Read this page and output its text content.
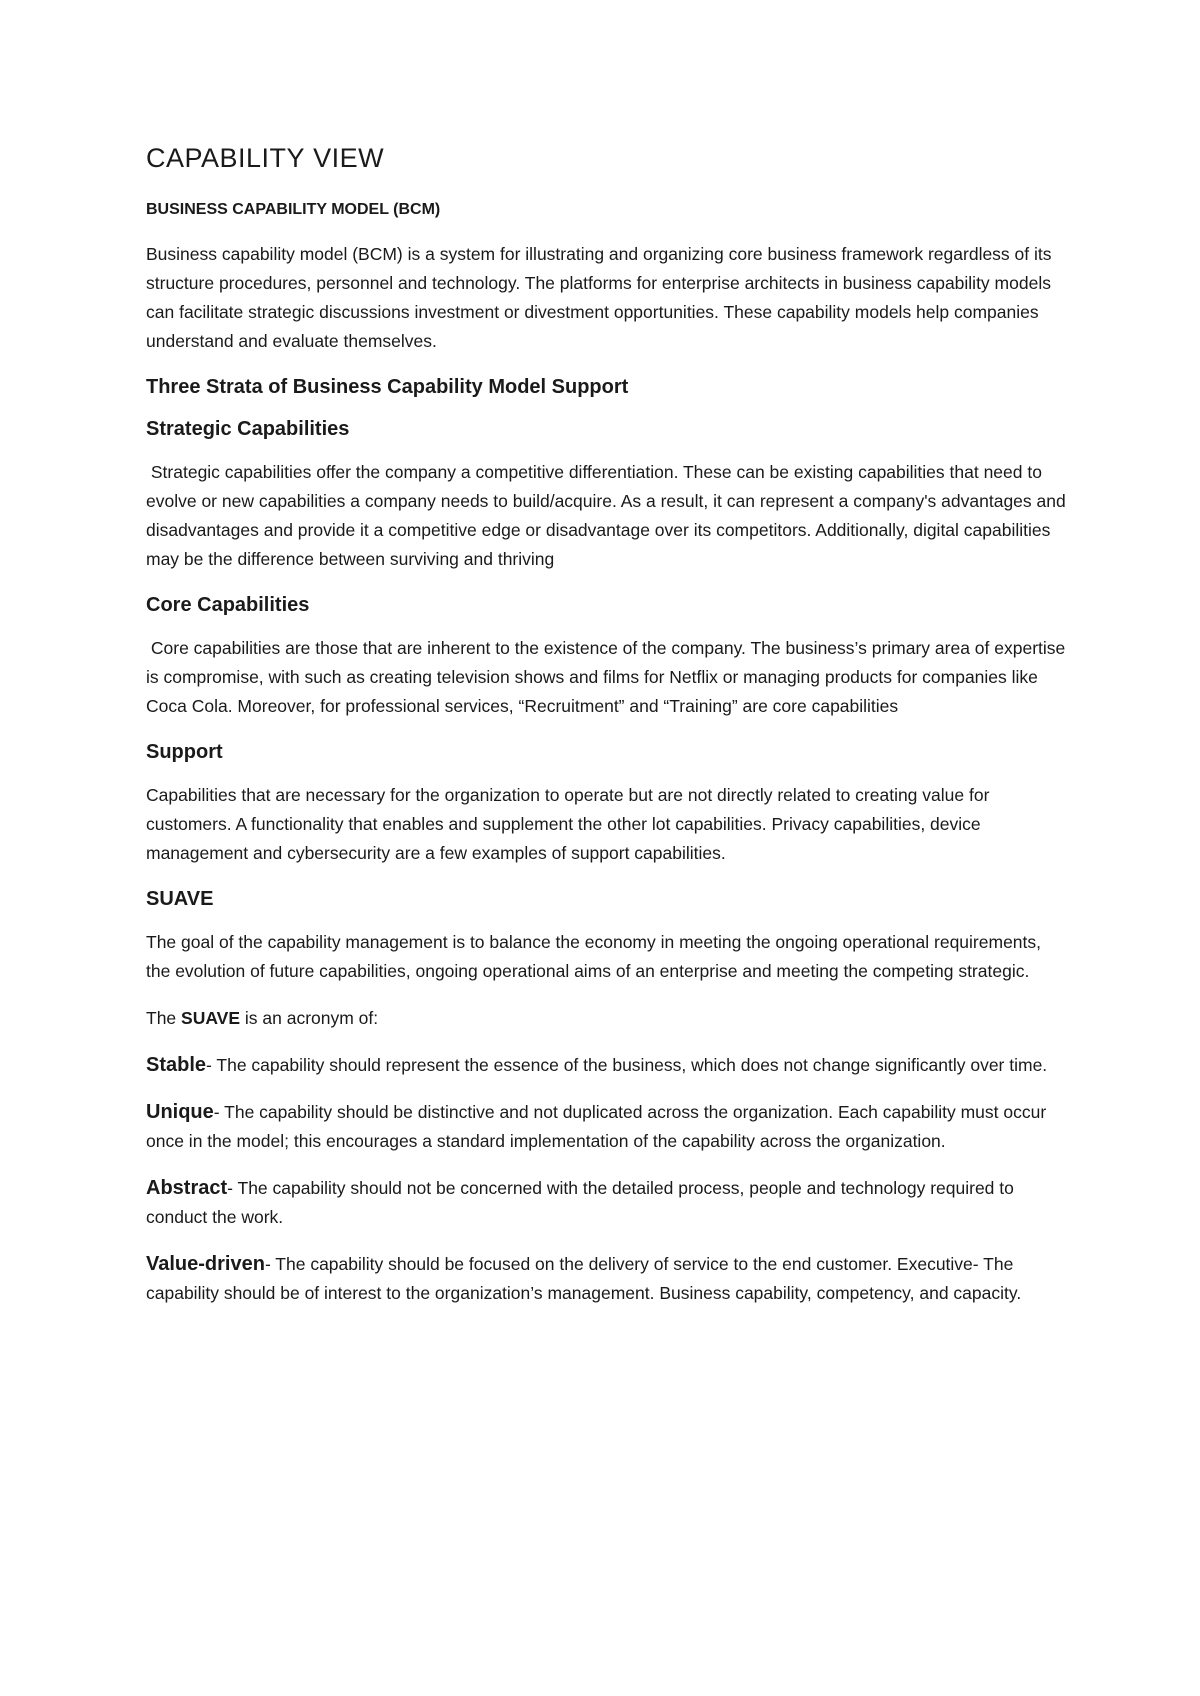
CAPABILITY VIEW
BUSINESS CAPABILITY MODEL (BCM)

Business capability model (BCM) is a system for illustrating and organizing core business framework regardless of its structure procedures, personnel and technology. The platforms for enterprise architects in business capability models can facilitate strategic discussions investment or divestment opportunities. These capability models help companies understand and evaluate themselves.

Three Strata of Business Capability Model Support
Strategic Capabilities

Strategic capabilities offer the company a competitive differentiation. These can be existing capabilities that need to evolve or new capabilities a company needs to build/acquire. As a result, it can represent a company's advantages and disadvantages and provide it a competitive edge or disadvantage over its competitors. Additionally, digital capabilities may be the difference between surviving and thriving

Core Capabilities

Core capabilities are those that are inherent to the existence of the company. The business’s primary area of expertise is compromise, with such as creating television shows and films for Netflix or managing products for companies like Coca Cola. Moreover, for professional services, “Recruitment” and “Training” are core capabilities

Support

Capabilities that are necessary for the organization to operate but are not directly related to creating value for customers. A functionality that enables and supplement the other lot capabilities. Privacy capabilities, device management and cybersecurity are a few examples of support capabilities.

SUAVE

The goal of the capability management is to balance the economy in meeting the ongoing operational requirements, the evolution of future capabilities, ongoing operational aims of an enterprise and meeting the competing strategic.

The SUAVE is an acronym of:

Stable- The capability should represent the essence of the business, which does not change significantly over time.

Unique- The capability should be distinctive and not duplicated across the organization. Each capability must occur once in the model; this encourages a standard implementation of the capability across the organization.

Abstract- The capability should not be concerned with the detailed process, people and technology required to conduct the work.

Value-driven- The capability should be focused on the delivery of service to the end customer. Executive- The capability should be of interest to the organization’s management. Business capability, competency, and capacity.
